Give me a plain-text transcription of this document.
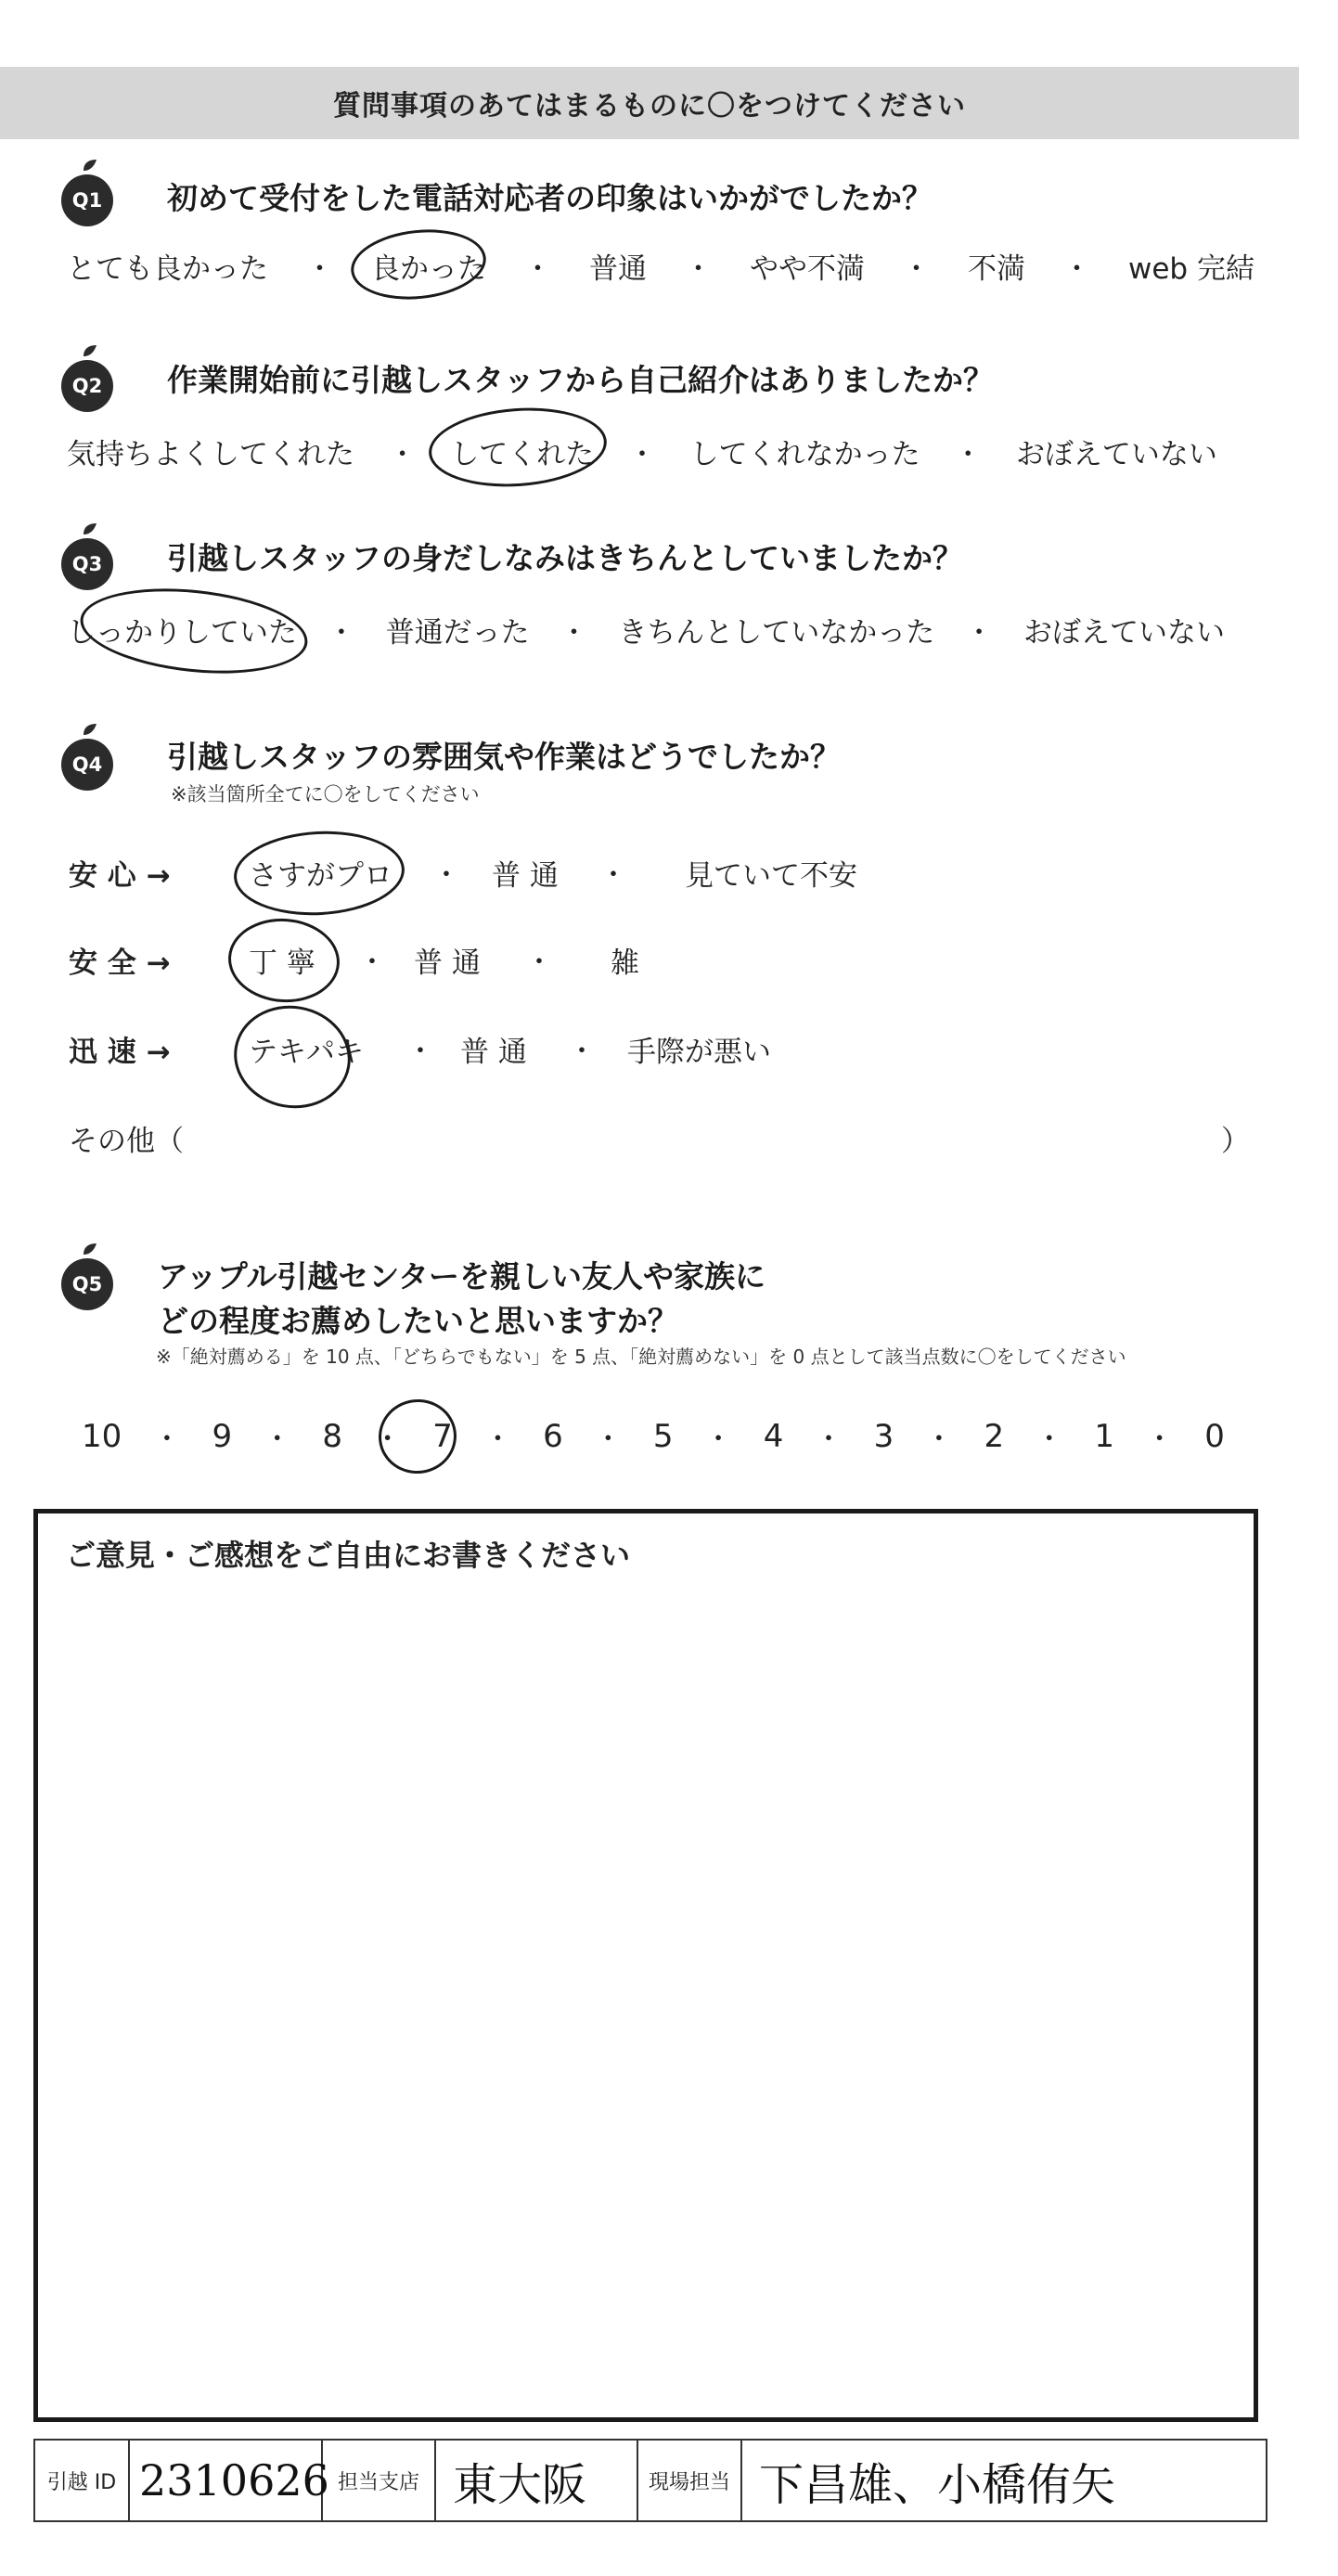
質問事項のあてはまるものに〇をつけてください
Q1 初めて受付をした電話対応者の印象はいかがでしたか？
とても良かった ・ 良かった ・ 普通 ・ やや不満 ・ 不満 ・ web 完結
Q2 作業開始前に引越しスタッフから自己紹介はありましたか？
気持ちよくしてくれた ・ してくれた ・ してくれなかった ・ おぼえていない
Q3 引越しスタッフの身だしなみはきちんとしていましたか？
しっかりしていた ・ 普通だった ・ きちんとしていなかった ・ おぼえていない
Q4 引越しスタッフの雰囲気や作業はどうでしたか？
※該当箇所全てに〇をしてください
安 心 →	さすがプロ ・ 普 通 ・ 見ていて不安
安 全 →	丁 寧 ・ 普 通 ・ 雑
迅 速 →	テキパキ ・ 普 通 ・ 手際が悪い
その他（	）
Q5 アップル引越センターを親しい友人や家族に
どの程度お薦めしたいと思いますか？
※「絶対薦める」を 10 点、「どちらでもない」を 5 点、「絶対薦めない」を 0 点として該当点数に〇をしてください
10 ・ 9 ・ 8 ・ 7 ・ 6 ・ 5 ・ 4 ・ 3 ・ 2 ・ 1 ・ 0
ご意見・ご感想をご自由にお書きください
引越 ID 2310626 担当支店 東大阪	現場担当 下昌雄、小橋侑矢
